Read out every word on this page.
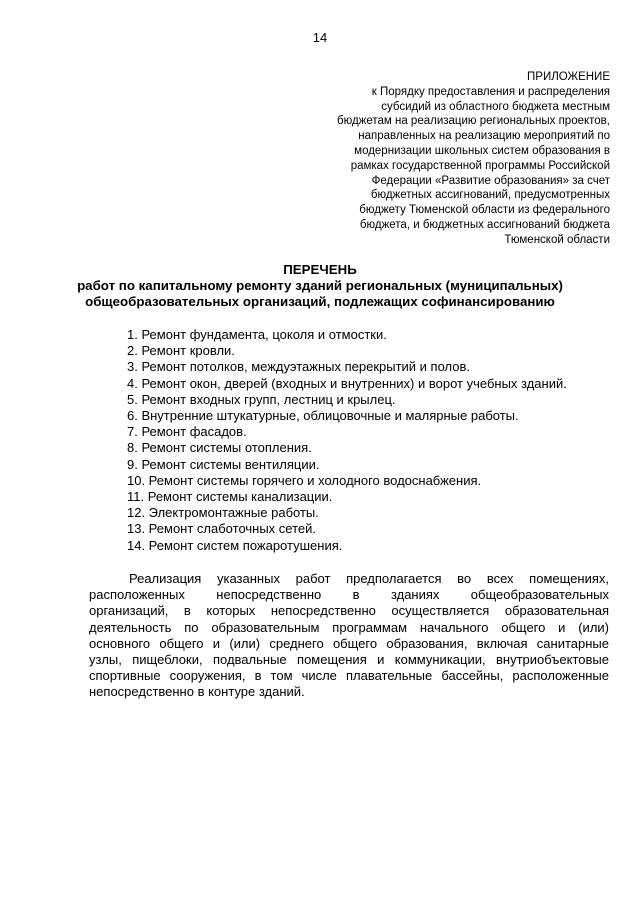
14
ПРИЛОЖЕНИЕ
к Порядку предоставления и распределения
субсидий из областного бюджета местным
бюджетам на реализацию региональных проектов,
направленных на реализацию мероприятий по
модернизации школьных систем образования в
рамках государственной программы Российской
Федерации «Развитие образования» за счет
бюджетных ассигнований, предусмотренных
бюджету Тюменской области из федерального
бюджета, и бюджетных ассигнований бюджета
Тюменской области
ПЕРЕЧЕНЬ
работ по капитальному ремонту зданий региональных (муниципальных)
общеобразовательных организаций, подлежащих софинансированию
1. Ремонт фундамента, цоколя и отмостки.
2. Ремонт кровли.
3. Ремонт потолков, междуэтажных перекрытий и полов.
4. Ремонт окон, дверей (входных и внутренних) и ворот учебных зданий.
5. Ремонт входных групп, лестниц и крылец.
6. Внутренние штукатурные, облицовочные и малярные работы.
7. Ремонт фасадов.
8. Ремонт системы отопления.
9. Ремонт системы вентиляции.
10. Ремонт системы горячего и холодного водоснабжения.
11. Ремонт системы канализации.
12. Электромонтажные работы.
13. Ремонт слаботочных сетей.
14. Ремонт систем пожаротушения.
Реализация указанных работ предполагается во всех помещениях,
расположенных непосредственно в зданиях общеобразовательных
организаций, в которых непосредственно осуществляется образовательная
деятельность по образовательным программам начального общего и (или)
основного общего и (или) среднего общего образования, включая санитарные
узлы, пищеблоки, подвальные помещения и коммуникации, внутриобъектовые
спортивные сооружения, в том числе плавательные бассейны, расположенные
непосредственно в контуре зданий.
